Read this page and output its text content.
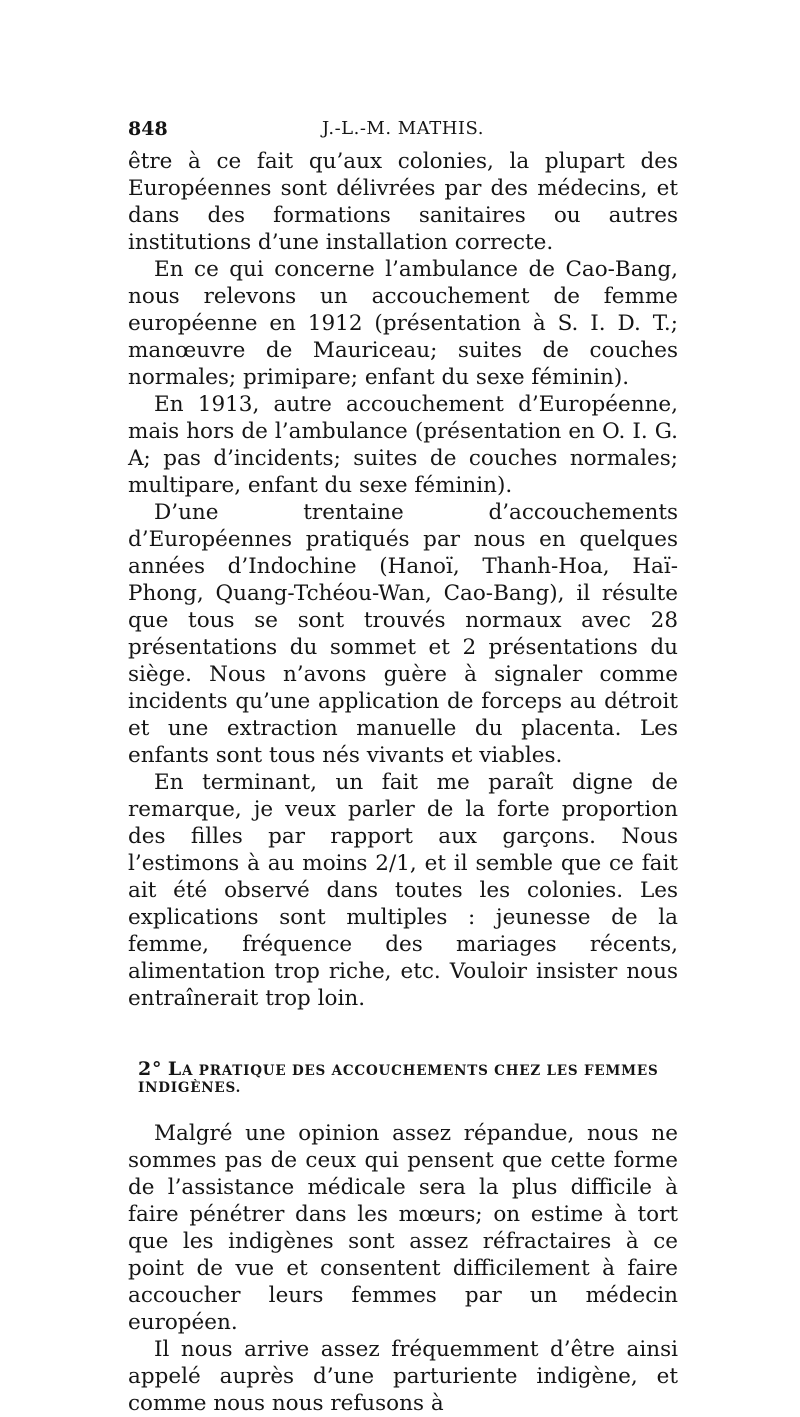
848	J.-L.-M. MATHIS.

être à ce fait qu’aux colonies, la plupart des Européennes sont délivrées par des médecins, et dans des formations sanitaires ou autres institutions d’une installation correcte.

En ce qui concerne l’ambulance de Cao-Bang, nous relevons un accouchement de femme européenne en 1912 (présentation à S. I. D. T.; manœuvre de Mauriceau; suites de couches normales; primipare; enfant du sexe féminin).

En 1913, autre accouchement d’Européenne, mais hors de l’ambulance (présentation en O. I. G. A; pas d’incidents; suites de couches normales; multipare, enfant du sexe féminin).

D’une trentaine d’accouchements d’Européennes pratiqués par nous en quelques années d’Indochine (Hanoï, Thanh-Hoa, Haï-Phong, Quang-Tchéou-Wan, Cao-Bang), il résulte que tous se sont trouvés normaux avec 28 présentations du sommet et 2 présentations du siège. Nous n’avons guère à signaler comme incidents qu’une application de forceps au détroit et une extraction manuelle du placenta. Les enfants sont tous nés vivants et viables.

En terminant, un fait me paraît digne de remarque, je veux parler de la forte proportion des filles par rapport aux garçons. Nous l’estimons à au moins 2/1, et il semble que ce fait ait été observé dans toutes les colonies. Les explications sont multiples : jeunesse de la femme, fréquence des mariages récents, alimentation trop riche, etc. Vouloir insister nous entraînerait trop loin.

2° LA PRATIQUE DES ACCOUCHEMENTS CHEZ LES FEMMES INDIGÈNES.

Malgré une opinion assez répandue, nous ne sommes pas de ceux qui pensent que cette forme de l’assistance médicale sera la plus difficile à faire pénétrer dans les mœurs; on estime à tort que les indigènes sont assez réfractaires à ce point de vue et consentent difficilement à faire accoucher leurs femmes par un médecin européen.

Il nous arrive assez fréquemment d’être ainsi appelé auprès d’une parturiente indigène, et comme nous nous refusons à
